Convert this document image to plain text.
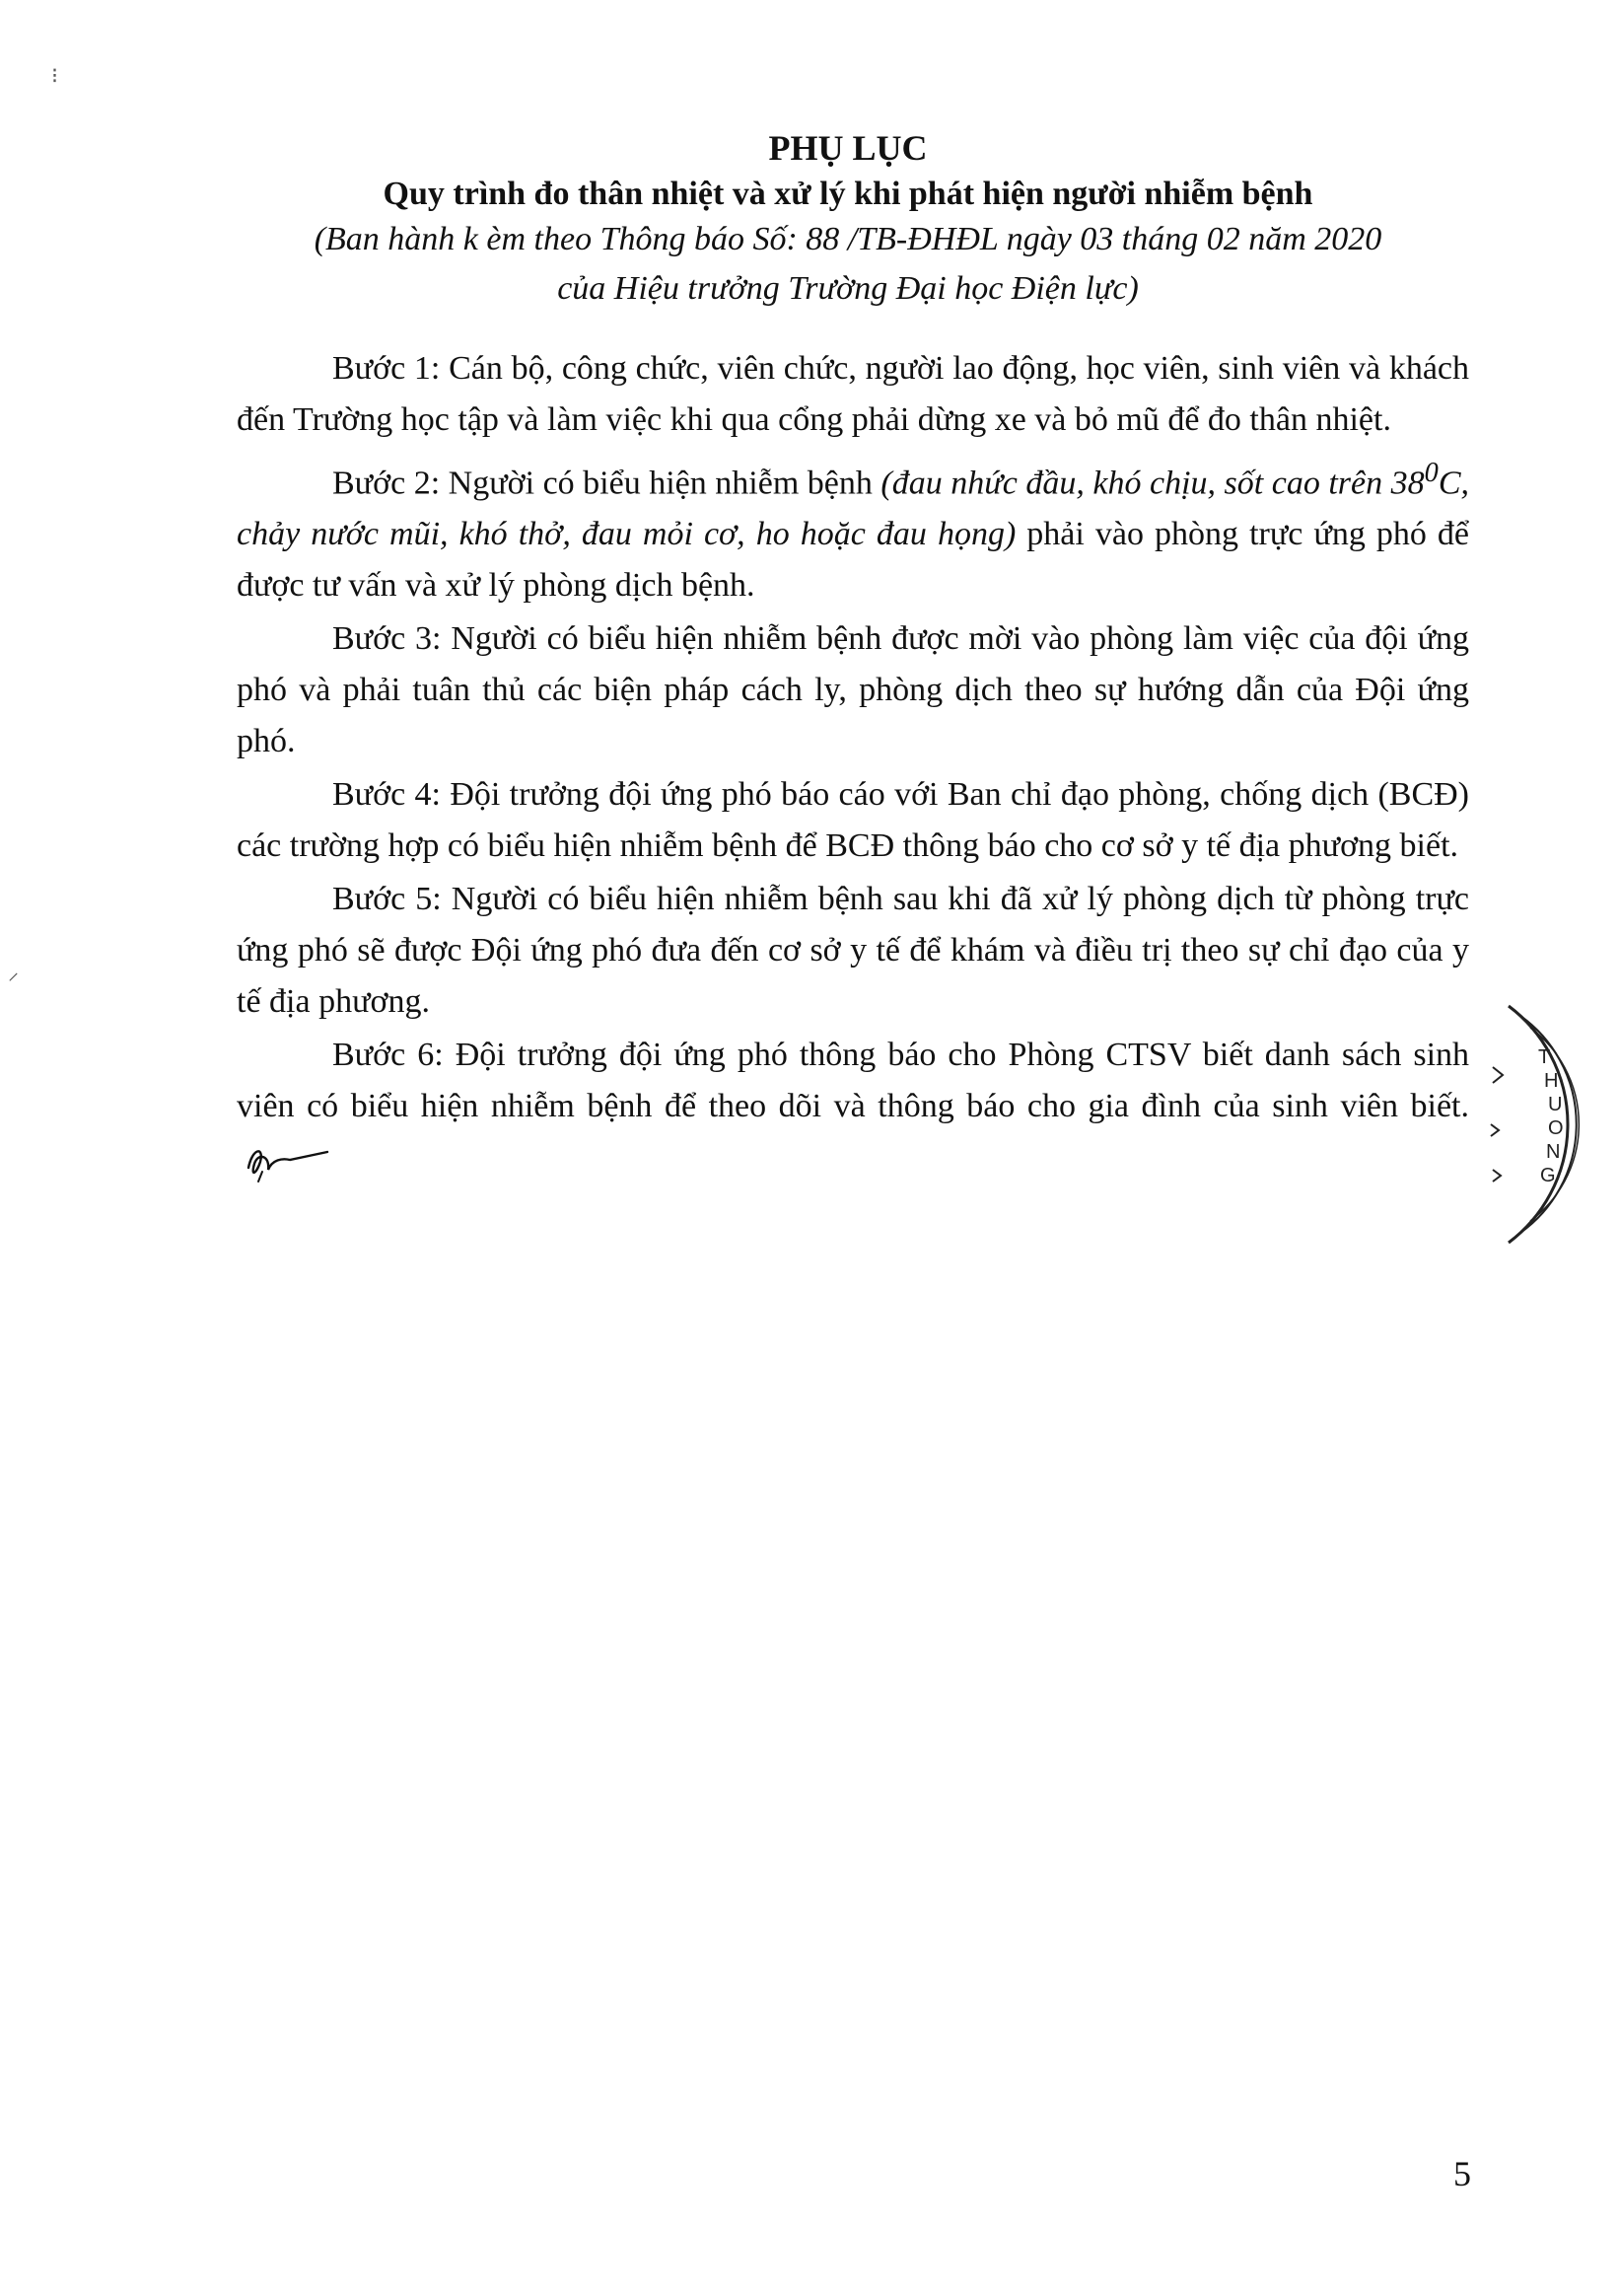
⁝
⸝

PHỤ LỤC

Quy trình đo thân nhiệt và xử lý khi phát hiện người nhiễm bệnh

(Ban hành k èm theo Thông báo Số: 88 /TB-ĐHĐL ngày 03 tháng 02 năm 2020

của Hiệu trưởng Trường Đại học Điện lực)

Bước 1: Cán bộ, công chức, viên chức, người lao động, học viên, sinh viên và khách đến Trường học tập và làm việc khi qua cổng phải dừng xe và bỏ mũ để đo thân nhiệt.

Bước 2: Người có biểu hiện nhiễm bệnh (đau nhức đầu, khó chịu, sốt cao trên $38^0C$, chảy nước mũi, khó thở, đau mỏi cơ, ho hoặc đau họng) phải vào phòng trực ứng phó để được tư vấn và xử lý phòng dịch bệnh.

Bước 3: Người có biểu hiện nhiễm bệnh được mời vào phòng làm việc của đội ứng phó và phải tuân thủ các biện pháp cách ly, phòng dịch theo sự hướng dẫn của Đội ứng phó.

Bước 4: Đội trưởng đội ứng phó báo cáo với Ban chỉ đạo phòng, chống dịch (BCĐ) các trường hợp có biểu hiện nhiễm bệnh để BCĐ thông báo cho cơ sở y tế địa phương biết.

Bước 5: Người có biểu hiện nhiễm bệnh sau khi đã xử lý phòng dịch từ phòng trực ứng phó sẽ được Đội ứng phó đưa đến cơ sở y tế để khám và điều trị theo sự chỉ đạo của y tế địa phương.

Bước 6: Đội trưởng đội ứng phó thông báo cho Phòng CTSV biết danh sách sinh viên có biểu hiện nhiễm bệnh để theo dõi và thông báo cho gia đình của sinh viên biết.

T
H
U
O
N
G
5
